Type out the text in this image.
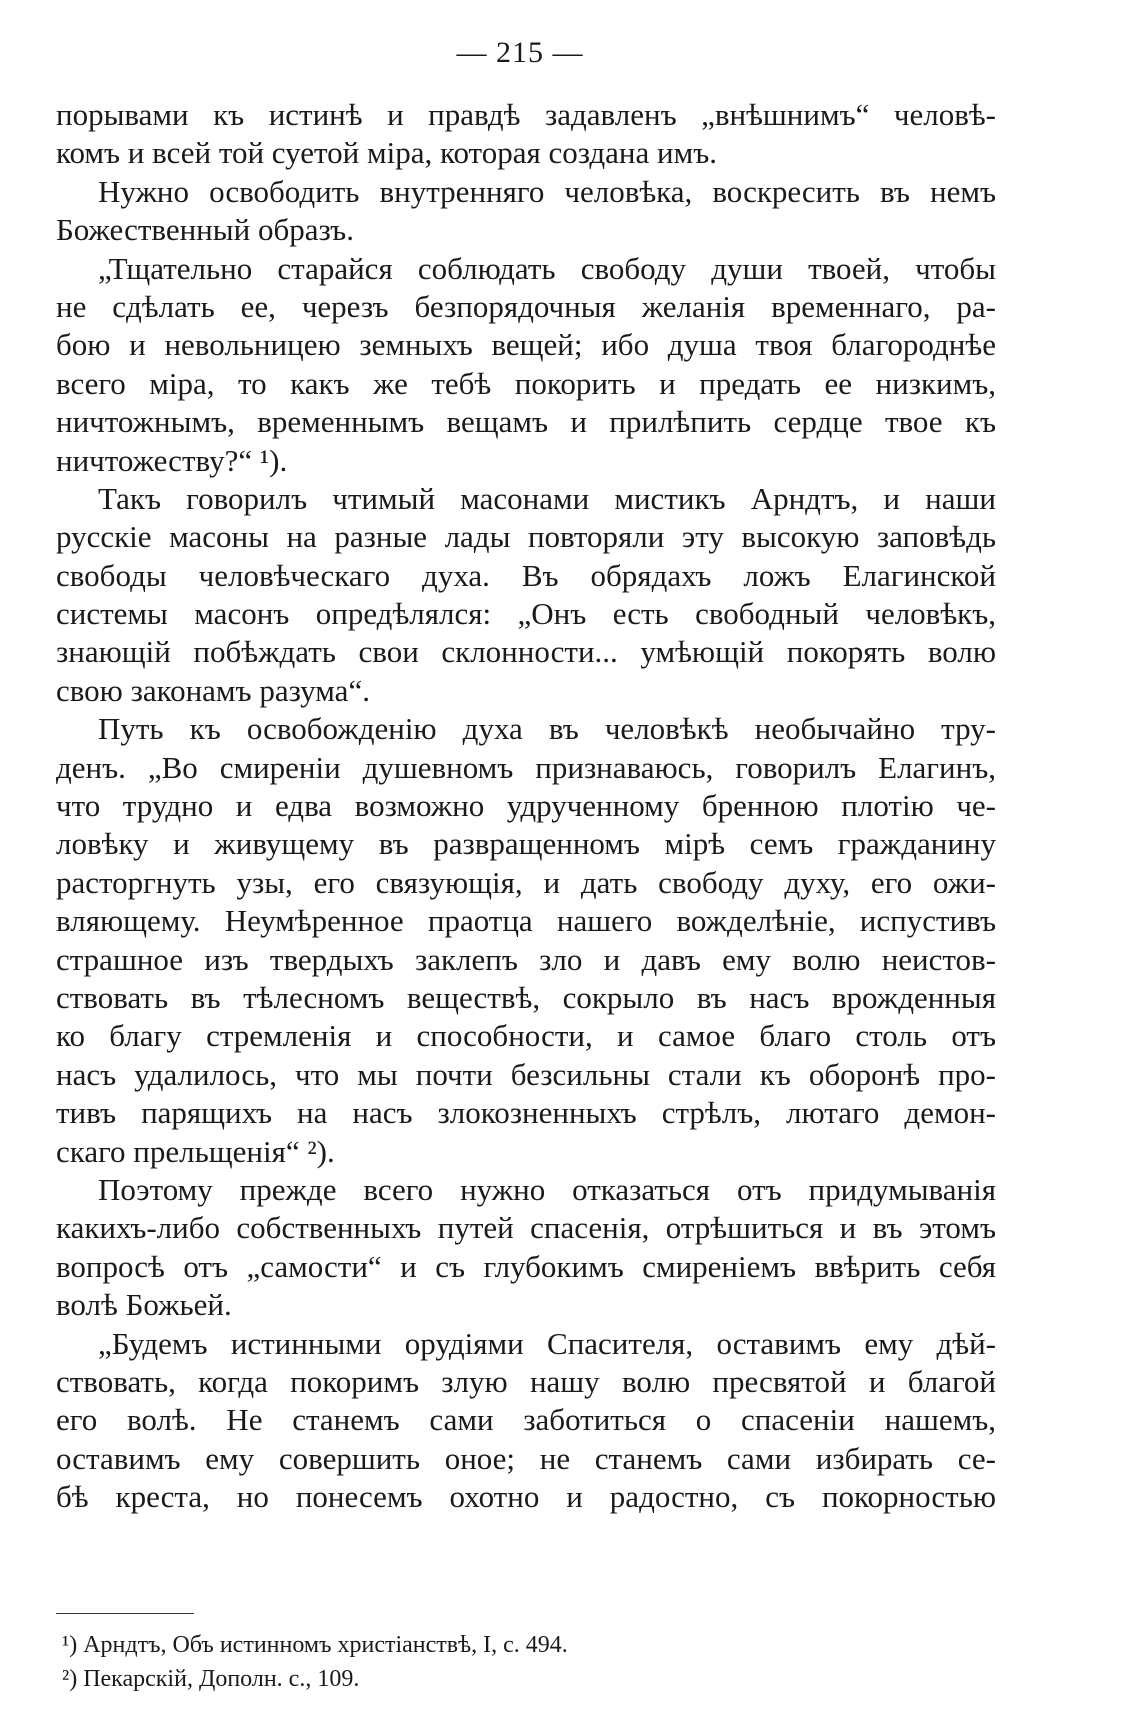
— 215 —
порывами къ истинѣ и правдѣ задавленъ „внѣшнимъ“ человѣ-
комъ и всей той суетой міра, которая создана имъ.
Нужно освободить внутренняго человѣка, воскресить въ немъ
Божественный образъ.
„Тщательно старайся соблюдать свободу души твоей, чтобы
не сдѣлать ее, черезъ безпорядочныя желанія временнаго, ра-
бою и невольницею земныхъ вещей; ибо душа твоя благороднѣе
всего міра, то какъ же тебѣ покорить и предать ее низкимъ,
ничтожнымъ, временнымъ вещамъ и прилѣпить сердце твое къ
ничтожеству?“ ¹).
Такъ говорилъ чтимый масонами мистикъ Арндтъ, и наши
русскіе масоны на разные лады повторяли эту высокую заповѣдь
свободы человѣческаго духа. Въ обрядахъ ложъ Елагинской
системы масонъ опредѣлялся: „Онъ есть свободный человѣкъ,
знающій побѣждать свои склонности... умѣющій покорять волю
свою законамъ разума“.
Путь къ освобожденію духа въ человѣкѣ необычайно тру-
денъ. „Во смиреніи душевномъ признаваюсь, говорилъ Елагинъ,
что трудно и едва возможно удрученному бренною плотію че-
ловѣку и живущему въ развращенномъ мірѣ семъ гражданину
расторгнуть узы, его связующія, и дать свободу духу, его ожи-
вляющему. Неумѣренное праотца нашего вожделѣніе, испустивъ
страшное изъ твердыхъ заклепъ зло и давъ ему волю неистов-
ствовать въ тѣлесномъ веществѣ, сокрыло въ насъ врожденныя
ко благу стремленія и способности, и самое благо столь отъ
насъ удалилось, что мы почти безсильны стали къ оборонѣ про-
тивъ парящихъ на насъ злокозненныхъ стрѣлъ, лютаго демон-
скаго прельщенія“ ²).
Поэтому прежде всего нужно отказаться отъ придумыванія
какихъ-либо собственныхъ путей спасенія, отрѣшиться и въ этомъ
вопросѣ отъ „самости“ и съ глубокимъ смиреніемъ ввѣрить себя
волѣ Божьей.
„Будемъ истинными орудіями Спасителя, оставимъ ему дѣй-
ствовать, когда покоримъ злую нашу волю пресвятой и благой
его волѣ. Не станемъ сами заботиться о спасеніи нашемъ,
оставимъ ему совершить оное; не станемъ сами избирать се-
бѣ креста, но понесемъ охотно и радостно, съ покорностью
¹) Арндтъ, Объ истинномъ христіанствѣ, I, с. 494.
²) Пекарскій, Дополн. с., 109.
